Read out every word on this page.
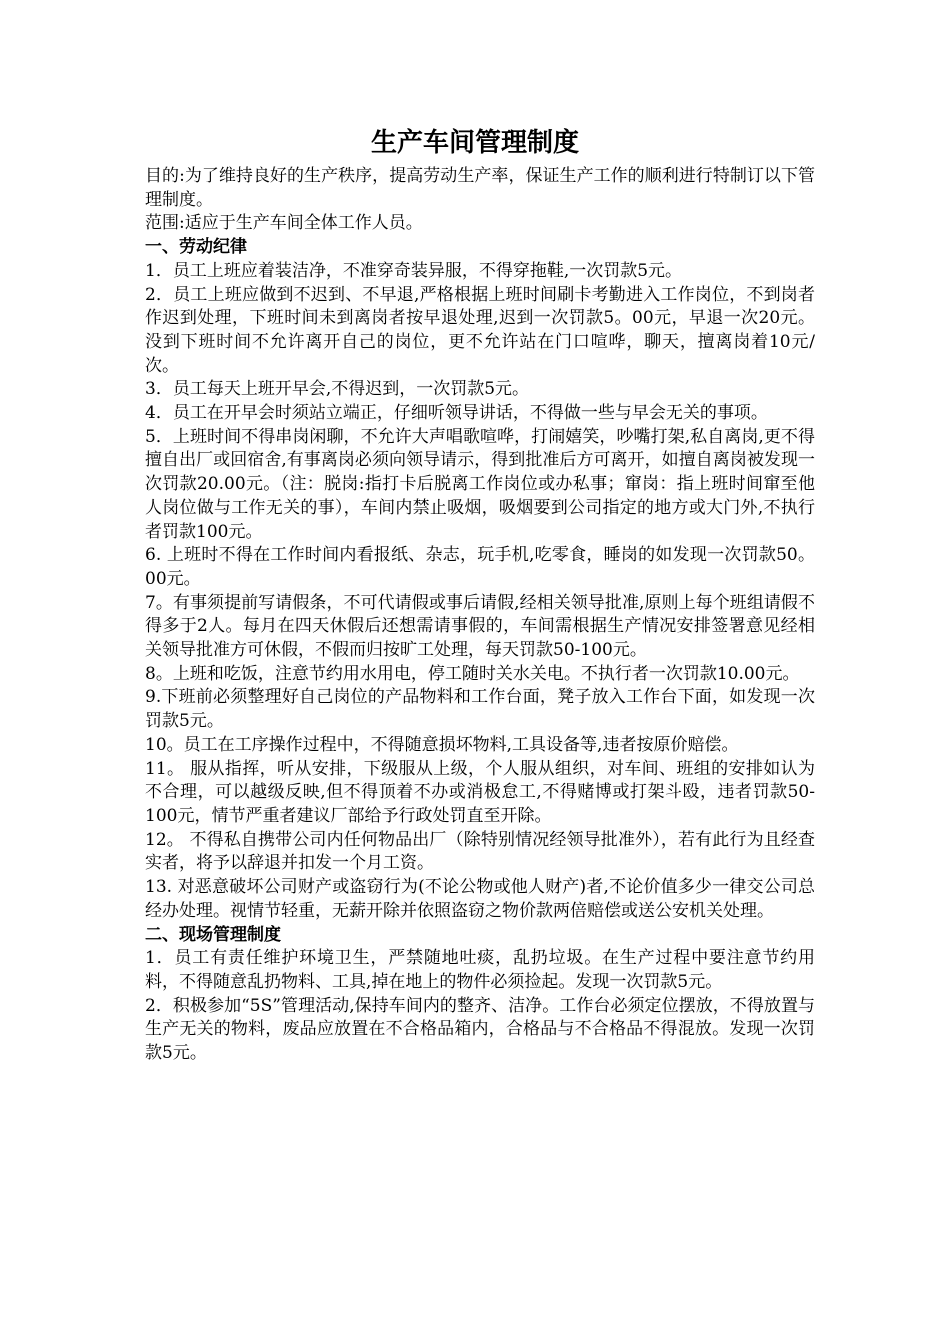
生产车间管理制度

目的:为了维持良好的生产秩序，提高劳动生产率，保证生产工作的顺利进行特制订以下管理制度。

范围:适应于生产车间全体工作人员。

一、劳动纪律

1．员工上班应着装洁净，不准穿奇装异服，不得穿拖鞋,一次罚款5元。

2．员工上班应做到不迟到、不早退,严格根据上班时间刷卡考勤进入工作岗位，不到岗者作迟到处理，下班时间未到离岗者按早退处理,迟到一次罚款5。00元，早退一次20元。没到下班时间不允许离开自己的岗位，更不允许站在门口喧哗，聊天，擅离岗着10元/次。

3．员工每天上班开早会,不得迟到，一次罚款5元。

4．员工在开早会时须站立端正，仔细听领导讲话，不得做一些与早会无关的事项。

5．上班时间不得串岗闲聊，不允许大声唱歌喧哗，打闹嬉笑，吵嘴打架,私自离岗,更不得擅自出厂或回宿舍,有事离岗必须向领导请示，得到批准后方可离开，如擅自离岗被发现一次罚款20.00元。（注：脱岗:指打卡后脱离工作岗位或办私事；窜岗：指上班时间窜至他人岗位做与工作无关的事），车间内禁止吸烟，吸烟要到公司指定的地方或大门外,不执行者罚款100元。

6. 上班时不得在工作时间内看报纸、杂志，玩手机,吃零食，睡岗的如发现一次罚款50。00元。

7。有事须提前写请假条，不可代请假或事后请假,经相关领导批准,原则上每个班组请假不得多于2人。每月在四天休假后还想需请事假的，车间需根据生产情况安排签署意见经相关领导批准方可休假，不假而归按旷工处理，每天罚款50-100元。

8。上班和吃饭，注意节约用水用电，停工随时关水关电。不执行者一次罚款10.00元。

9.下班前必须整理好自己岗位的产品物料和工作台面，凳子放入工作台下面，如发现一次罚款5元。

10。员工在工序操作过程中，不得随意损坏物料,工具设备等,违者按原价赔偿。

11。 服从指挥，听从安排，下级服从上级，个人服从组织，对车间、班组的安排如认为不合理，可以越级反映,但不得顶着不办或消极怠工,不得赌博或打架斗殴，违者罚款50-100元，情节严重者建议厂部给予行政处罚直至开除。

12。 不得私自携带公司内任何物品出厂（除特别情况经领导批准外），若有此行为且经查实者，将予以辞退并扣发一个月工资。

13. 对恶意破坏公司财产或盗窃行为(不论公物或他人财产)者,不论价值多少一律交公司总经办处理。视情节轻重，无薪开除并依照盗窃之物价款两倍赔偿或送公安机关处理。

二、现场管理制度

1．员工有责任维护环境卫生，严禁随地吐痰，乱扔垃圾。在生产过程中要注意节约用料，不得随意乱扔物料、工具,掉在地上的物件必须捡起。发现一次罚款5元。

2．积极参加“5S”管理活动,保持车间内的整齐、洁净。工作台必须定位摆放，不得放置与生产无关的物料，废品应放置在不合格品箱内，合格品与不合格品不得混放。发现一次罚款5元。
